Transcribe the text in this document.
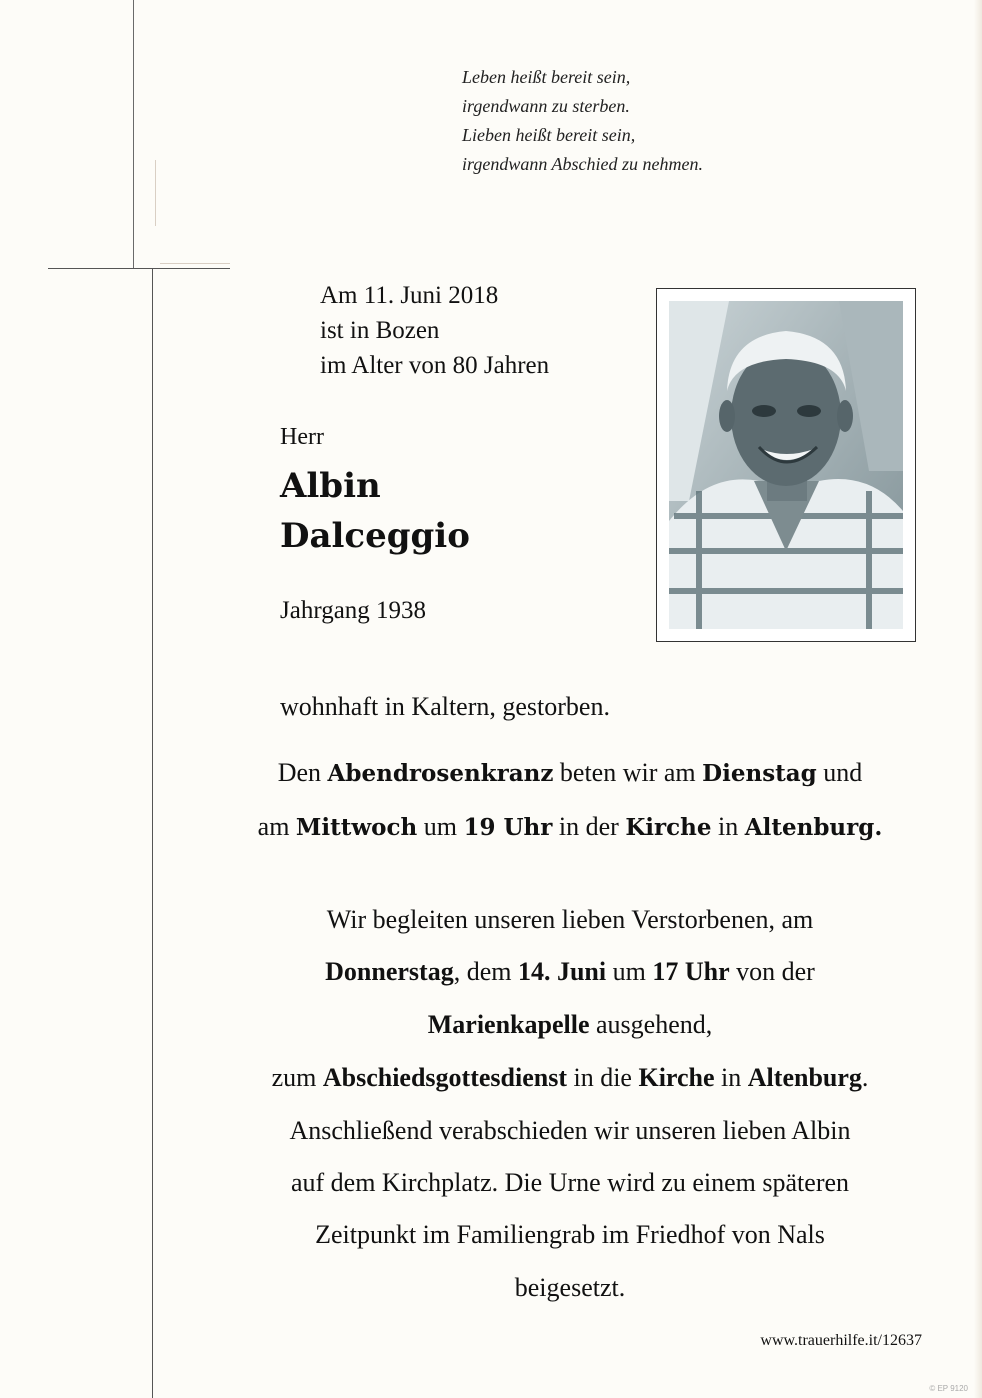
Leben heißt bereit sein,
irgendwann zu sterben.
Lieben heißt bereit sein,
irgendwann Abschied zu nehmen.
Am 11. Juni 2018
ist in Bozen
im Alter von 80 Jahren
Herr
Albin
Dalceggio
Jahrgang 1938
wohnhaft in Kaltern, gestorben.
Den Abendrosenkranz beten wir am Dienstag und
am Mittwoch um 19 Uhr in der Kirche in Altenburg.
Wir begleiten unseren lieben Verstorbenen, am
Donnerstag, dem 14. Juni um 17 Uhr von der
Marienkapelle ausgehend,
zum Abschiedsgottesdienst in die Kirche in Altenburg.
Anschließend verabschieden wir unseren lieben Albin
auf dem Kirchplatz. Die Urne wird zu einem späteren
Zeitpunkt im Familiengrab im Friedhof von Nals
beigesetzt.
www.trauerhilfe.it/12637
© EP 9120
